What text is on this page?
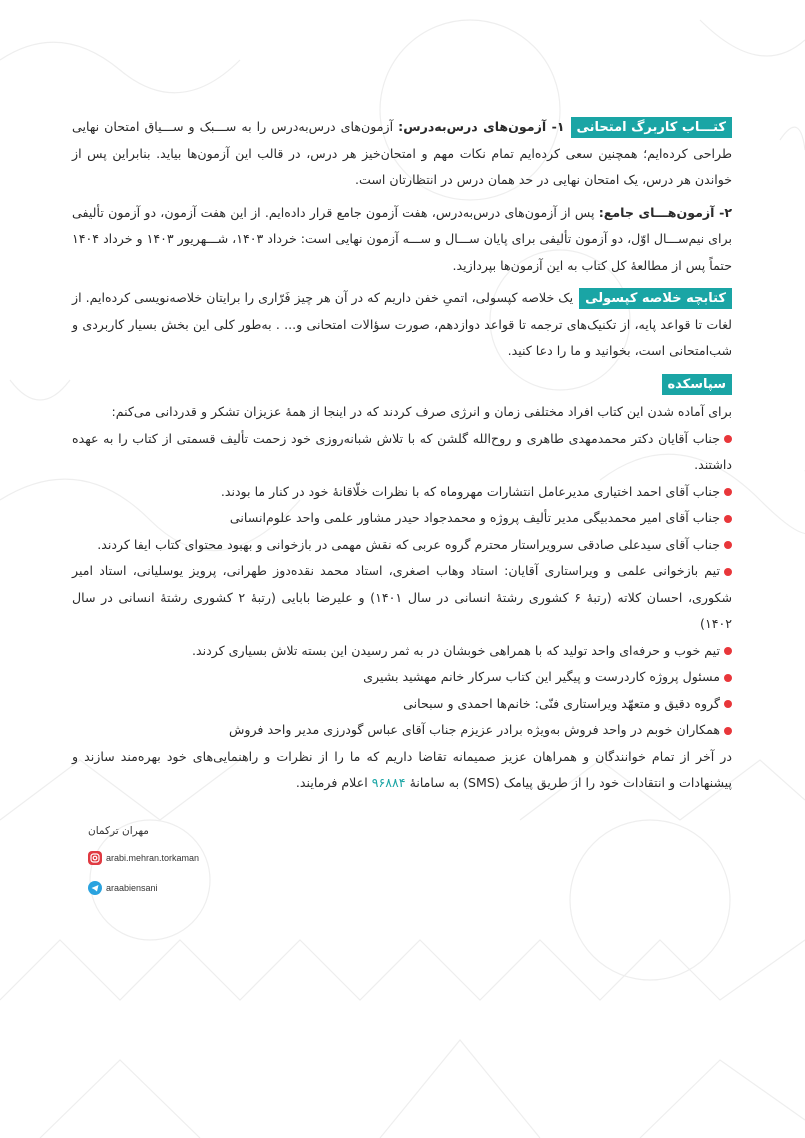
کتـــاب کاربرگ امتحانی۱- آزمون‌های درس‌به‌درس: آزمون‌های درس‌به‌درس را به ســـبک و ســـیاق امتحان نهایی طراحی کرده‌ایم؛ همچنین سعی کرده‌ایم تمام نکات مهم و امتحان‌خیز هر درس، در قالب این آزمون‌ها بیاید. بنابراین پس از خواندن هر درس، یک امتحان نهایی در حد همان درس در انتظارتان است.

۲- آزمون‌هـــای جامع: پس از آزمون‌های درس‌به‌درس، هفت آزمون جامع قرار داده‌ایم. از این هفت آزمون، دو آزمون تألیفی برای نیم‌ســـال اوّل، دو آزمون تألیفی برای پایان ســـال و ســـه آزمون نهایی است: خرداد ۱۴۰۳، شـــهریور ۱۴۰۳ و خرداد ۱۴۰۴ حتماً پس از مطالعهٔ کل کتاب به این آزمون‌ها بپردازید.

کتابچه خلاصه کپسولییک خلاصه کپسولی، اتمیِ خفن داریم که در آن هر چیز فَرّاری را برایتان خلاصه‌نویسی کرده‌ایم. از لغات تا قواعد پایه، از تکنیک‌های ترجمه تا قواعد دوازدهم، صورت سؤالات امتحانی و... . به‌طور کلی این بخش بسیار کاربردی و شب‌امتحانی است، بخوانید و ما را دعا کنید.

سپاسکده

برای آماده شدن این کتاب افراد مختلفی زمان و انرژی صرف کردند که در اینجا از همهٔ عزیزان تشکر و قدردانی می‌کنم:

جناب آقایان دکتر محمدمهدی طاهری و روح‌الله گلشن که با تلاش شبانه‌روزی خود زحمت تألیف قسمتی از کتاب را به عهده داشتند.
جناب آقای احمد اختیاری مدیرعامل انتشارات مهروماه که با نظرات خلّاقانهٔ خود در کنار ما بودند.
جناب آقای امیر محمدبیگی مدیر تألیف پروژه و محمدجواد حیدر مشاور علمی واحد علوم‌انسانی
جناب آقای سیدعلی صادقی سرویراستار محترم گروه عربی که نقش مهمی در بازخوانی و بهبود محتوای کتاب ایفا کردند.
تیم بازخوانی علمی و ویراستاری آقایان: استاد وهاب اصغری، استاد محمد نقده‌دوز طهرانی، پرویز یوسلیانی، استاد امیر شکوری، احسان کلاته (رتبهٔ ۶ کشوری رشتهٔ انسانی در سال ۱۴۰۱) و علیرضا بابایی (رتبهٔ ۲ کشوری رشتهٔ انسانی در سال ۱۴۰۲)
تیم خوب و حرفه‌ای واحد تولید که با همراهی خوبشان در به ثمر رسیدن این بسته تلاش بسیاری کردند.
مسئول پروژه کاردرست و پیگیر این کتاب سرکار خانم مهشید بشیری
گروه دقیق و متعهّد ویراستاری فنّی: خانم‌ها احمدی و سبحانی
همکاران خوبم در واحد فروش به‌ویژه برادر عزیزم جناب آقای عباس گودرزی مدیر واحد فروش

در آخر از تمام خوانندگان و همراهان عزیز صمیمانه تقاضا داریم که ما را از نظرات و راهنمایی‌های خود بهره‌مند سازند و پیشنهادات و انتقادات خود را از طریق پیامک (SMS) به سامانهٔ ۹۶۸۸۴ اعلام فرمایند.

مهران ترکمان
arabi.mehran.torkaman
araabiensani
